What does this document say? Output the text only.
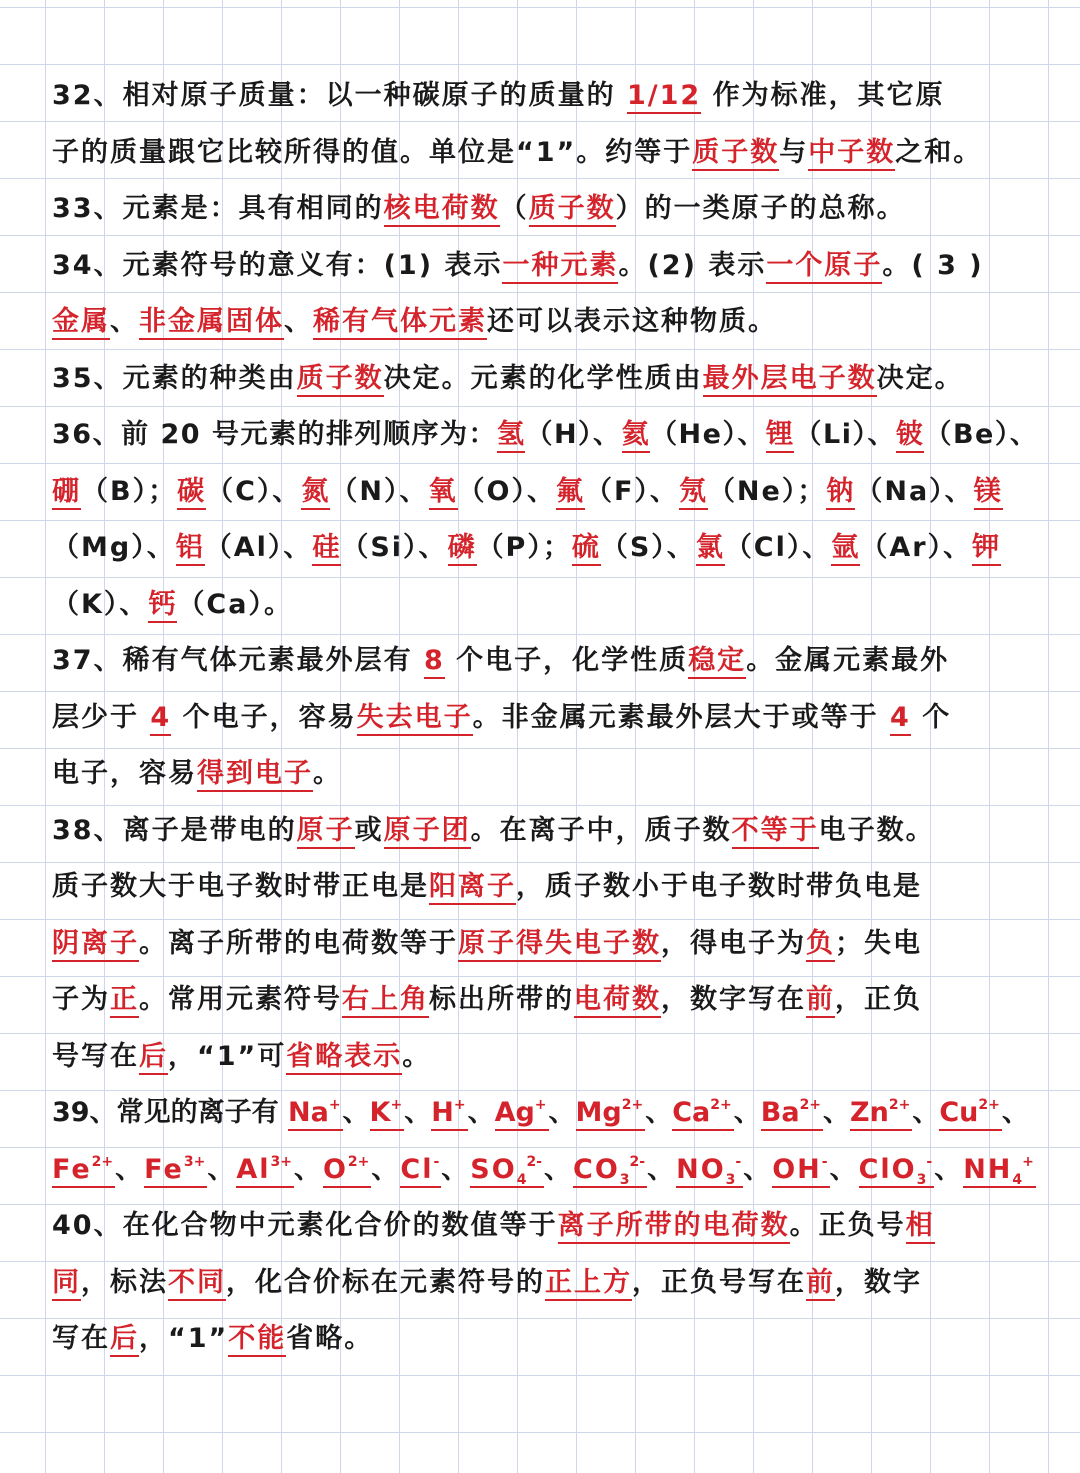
32、相对原子质量：以一种碳原子的质量的 1/12 作为标准，其它原
子的质量跟它比较所得的值。单位是“1”。约等于质子数与中子数之和。
33、元素是：具有相同的核电荷数（质子数）的一类原子的总称。
34、元素符号的意义有：(1) 表示一种元素。(2) 表示一个原子。( 3 )
金属、非金属固体、稀有气体元素还可以表示这种物质。
35、元素的种类由质子数决定。元素的化学性质由最外层电子数决定。
36、前 20 号元素的排列顺序为：氢（H）、氦（He）、锂（Li）、铍（Be）、
硼（B）；碳（C）、氮（N）、氧（O）、氟（F）、氖（Ne）；钠（Na）、镁
（Mg）、铝（Al）、硅（Si）、磷（P）；硫（S）、氯（Cl）、氩（Ar）、钾
（K）、钙（Ca）。
37、稀有气体元素最外层有 8 个电子，化学性质稳定。金属元素最外
层少于 4 个电子，容易失去电子。非金属元素最外层大于或等于 4 个
电子，容易得到电子。
38、离子是带电的原子或原子团。在离子中，质子数不等于电子数。
质子数大于电子数时带正电是阳离子，质子数小于电子数时带负电是
阴离子。离子所带的电荷数等于原子得失电子数，得电子为负；失电
子为正。常用元素符号右上角标出所带的电荷数，数字写在前，正负
号写在后，“1”可省略表示。
39、常见的离子有 Na+、K+、H+、Ag+、$Mg^{2+}$、$Ca^{2+}$、$Ba^{2+}$、$Zn^{2+}$、$Cu^{2+}$、
$Fe^{2+}$、$Fe^{3+}$、$Al^{3+}$、$O^{2+}$、Cl-、$SO_4^{2-}$、$CO_3^{2-}$、$NO_3^-$、OH-、ClO$_3$-、$NH_4^+$
40、在化合物中元素化合价的数值等于离子所带的电荷数。正负号相
同，标法不同，化合价标在元素符号的正上方，正负号写在前，数字
写在后，“1”不能省略。
